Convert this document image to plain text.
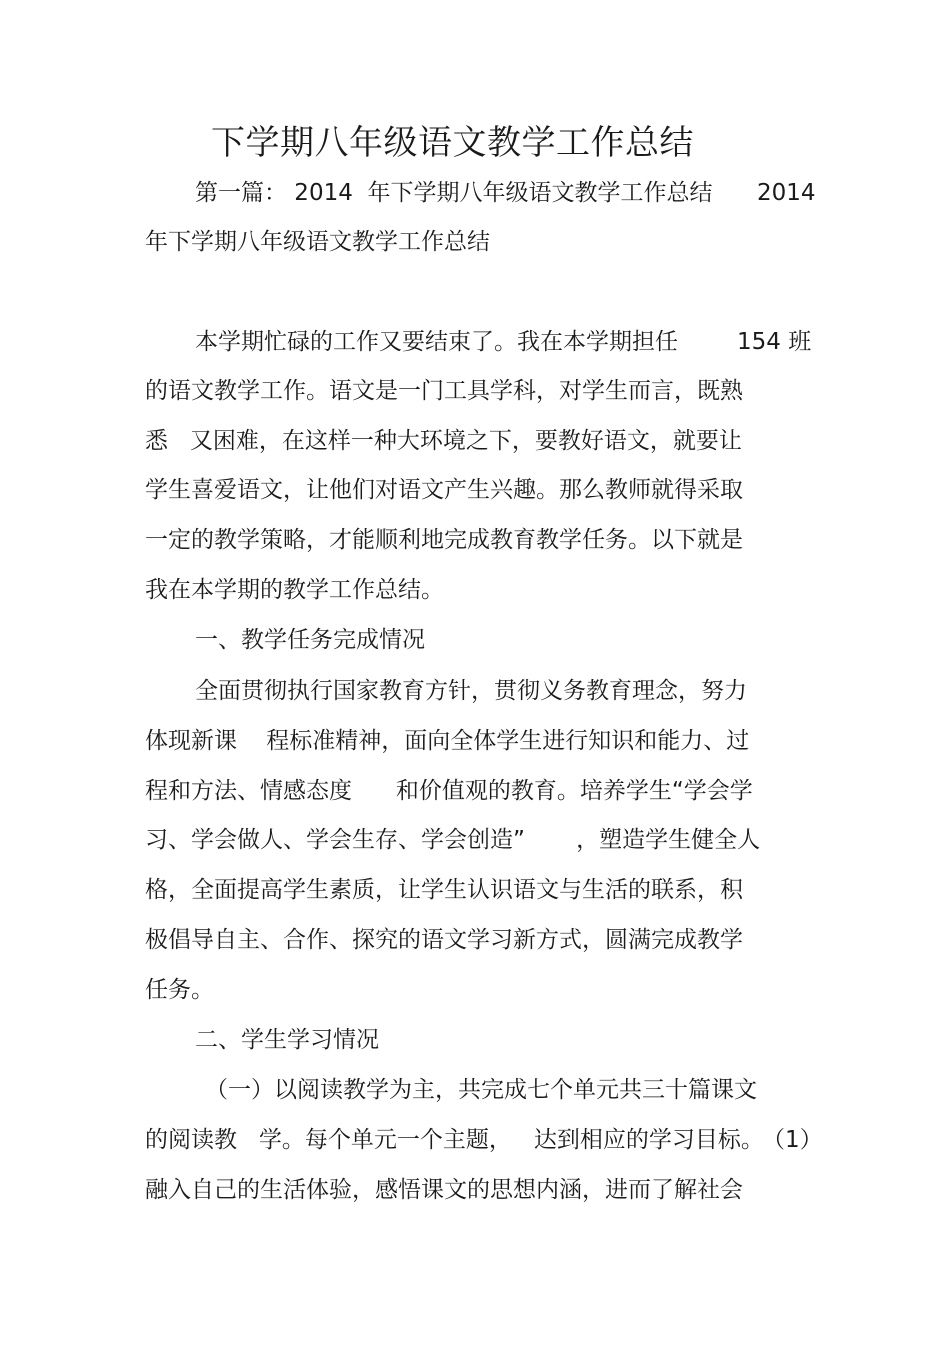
下学期八年级语文教学工作总结
第一篇： 2014  年下学期八年级语文教学工作总结 2014
年下学期八年级语文教学工作总结
本学期忙碌的工作又要结束了。我在本学期担任	154 班
的语文教学工作。语文是一门工具学科，对学生而言，既熟
悉   又困难，在这样一种大环境之下，要教好语文，就要让
学生喜爱语文，让他们对语文产生兴趣。那么教师就得采取
一定的教学策略，才能顺利地完成教育教学任务。以下就是
我在本学期的教学工作总结。
一、教学任务完成情况
全面贯彻执行国家教育方针，贯彻义务教育理念，努力
体现新课    程标准精神，面向全体学生进行知识和能力、过
程和方法、情感态度      和价值观的教育。培养学生“学会学
习、学会做人、学会生存、学会创造”       ，塑造学生健全人
格，全面提高学生素质，让学生认识语文与生活的联系，积
极倡导自主、合作、探究的语文学习新方式，圆满完成教学
任务。
二、学生学习情况
（一）以阅读教学为主，共完成七个单元共三十篇课文
的阅读教   学。每个单元一个主题，   达到相应的学习目标。
（1）
融入自己的生活体验，感悟课文的思想内涵，进而了解社会
